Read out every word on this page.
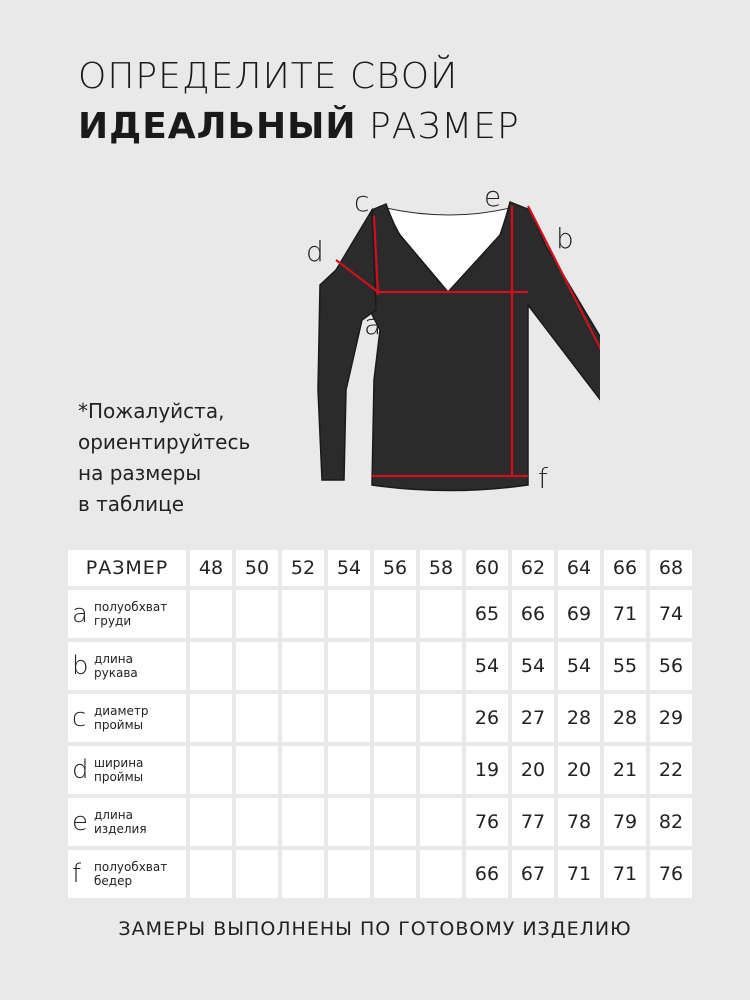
ОПРЕДЕЛИТЕ СВОЙ
ИДЕАЛЬНЫЙ РАЗМЕР
d
c	e
b
a
f
*Пожалуйста,
ориентируйтесь
на размеры
в таблице
РАЗМЕР	48	50	52	54	56	58	60	62	64	66	68

a полуобхват
груди							65	66	69	71	74

b длина
рукава							54	54	54	55	56

c диаметр
проймы							26	27	28	28	29

d ширина
проймы							19	20	20	21	22

e длина
изделия							76	77	78	79	82

f полуобхват
бедер							66	67	71	71	76
ЗАМЕРЫ ВЫПОЛНЕНЫ ПО ГОТОВОМУ ИЗДЕЛИЮ
